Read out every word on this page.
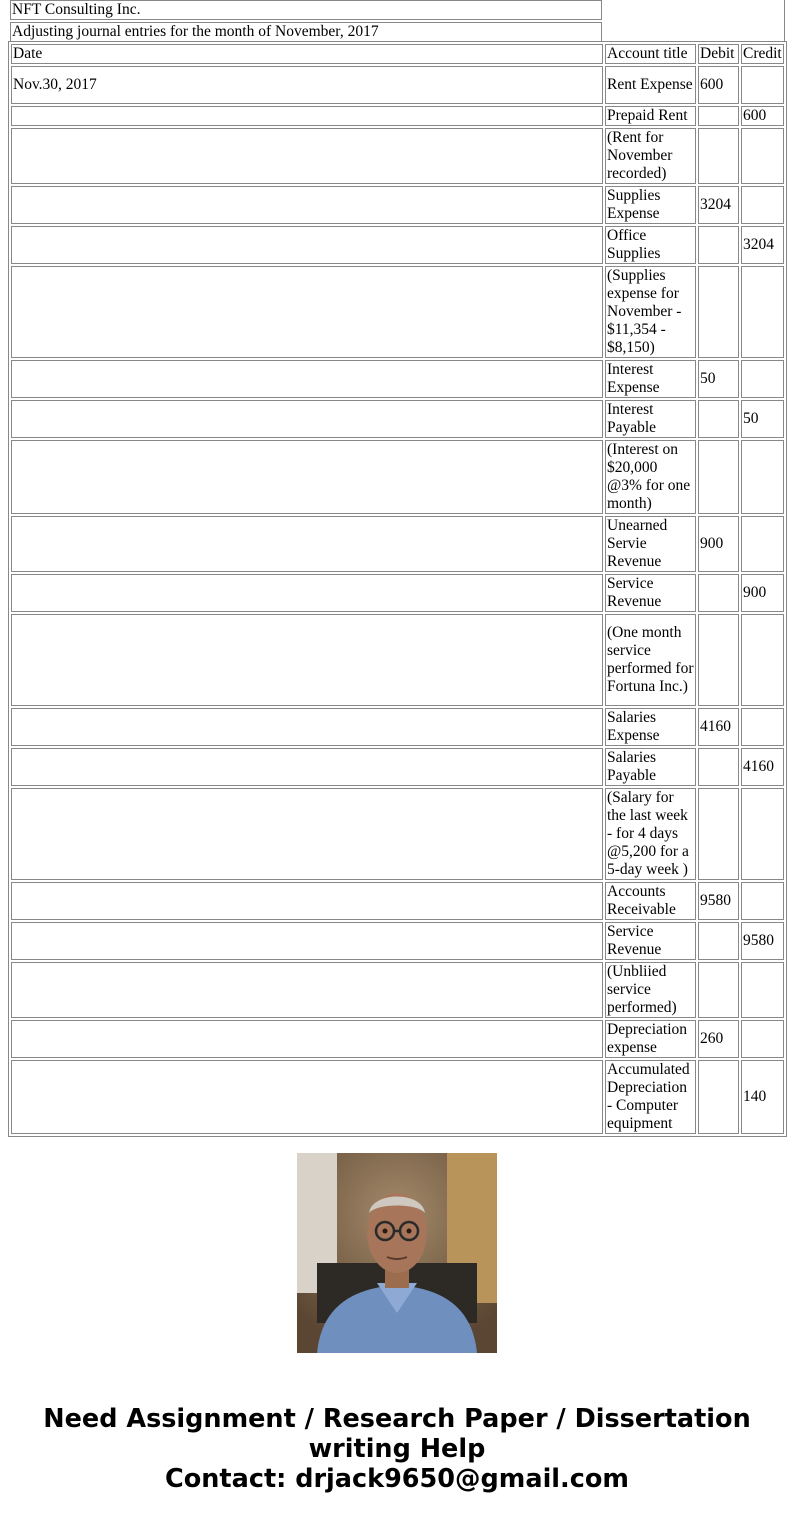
NFT Consulting Inc.
Adjusting journal entries for the month of November, 2017
Date	Account title	Debit	Credit
Nov.30, 2017	Rent Expense	600	
	Prepaid Rent		600
	(Rent for November recorded)		
	Supplies Expense	3204	
	Office Supplies		3204
	(Supplies expense for November - $11,354 - $8,150)		
	Interest Expense	50	
	Interest Payable		50
	(Interest on $20,000 @3% for one month)		
	Unearned Servie Revenue	900	
	Service Revenue		900
	(One month service performed for Fortuna Inc.)		
	Salaries Expense	4160	
	Salaries Payable		4160
	(Salary for the last week - for 4 days @5,200 for a 5-day week )		
	Accounts Receivable	9580	
	Service Revenue		9580
	(Unbliied service performed)		
	Depreciation expense	260	
	Accumulated Depreciation - Computer equipment		140
Need Assignment / Research Paper / Dissertation
writing Help
Contact: drjack9650@gmail.com
